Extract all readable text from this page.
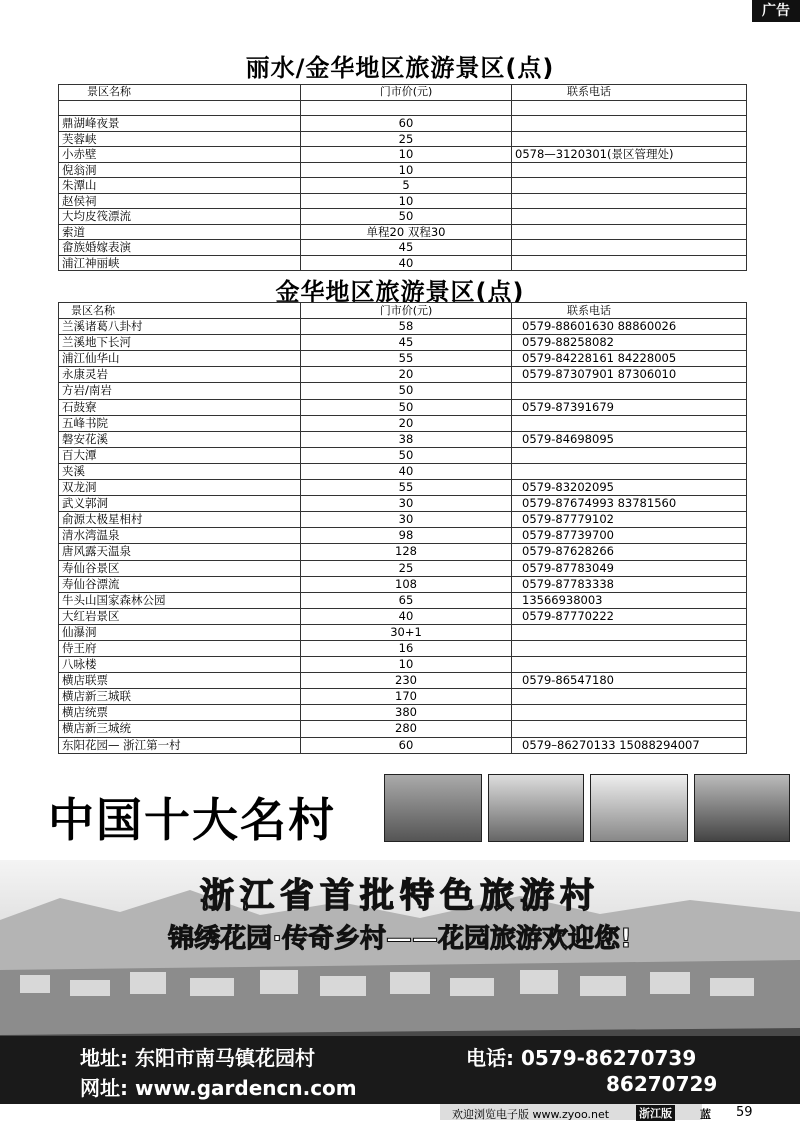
广告
丽水/金华地区旅游景区(点)
景区名称	门市价(元)	联系电话

鼎湖峰夜景	60	
芙蓉峡	25	
小赤壁	10	0578—3120301(景区管理处)
倪翁洞	10	
朱潭山	5	
赵侯祠	10	
大均皮筏漂流	50	
索道	单程20 双程30	
畲族婚嫁表演	45	
浦江神丽峡	40	
金华地区旅游景区(点)
景区名称	门市价(元)	联系电话
兰溪诸葛八卦村	58	0579-88601630 88860026
兰溪地下长河	45	0579-88258082
浦江仙华山	55	0579-84228161 84228005
永康灵岩	20	0579-87307901 87306010
方岩/南岩	50	
石鼓寮	50	0579-87391679
五峰书院	20	
磐安花溪	38	0579-84698095
百大潭	50	
夹溪	40	
双龙洞	55	0579-83202095
武义郭洞	30	0579-87674993 83781560
俞源太极星相村	30	0579-87779102
清水湾温泉	98	0579-87739700
唐风露天温泉	128	0579-87628266
寿仙谷景区	25	0579-87783049
寿仙谷漂流	108	0579-87783338
牛头山国家森林公园	65	13566938003
大红岩景区	40	0579-87770222
仙瀑洞	30+1	
侍王府	16	
八咏楼	10	
横店联票	230	0579-86547180
横店新三城联	170	
横店统票	380	
横店新三城统	280	
东阳花园— 浙江第一村	60	0579–86270133 15088294007
中国十大名村
浙江省首批特色旅游村
锦绣花园·传奇乡村——花园旅游欢迎您!
地址: 东阳市南马镇花园村
网址: www.gardencn.com
电话: 0579-86270739
86270729
欢迎浏览电子版 www.zyoo.net	浙江版	蓝 59
